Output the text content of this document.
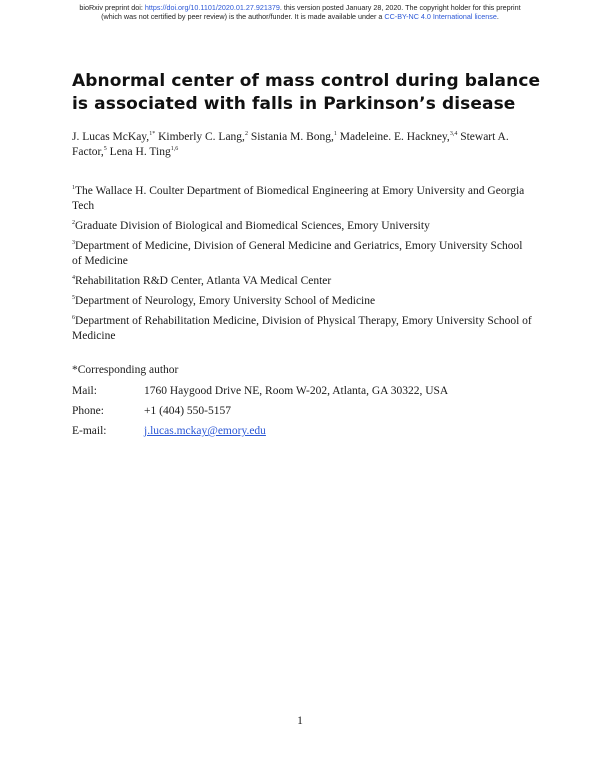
bioRxiv preprint doi: https://doi.org/10.1101/2020.01.27.921379. this version posted January 28, 2020. The copyright holder for this preprint
(which was not certified by peer review) is the author/funder. It is made available under a CC-BY-NC 4.0 International license.
Abnormal center of mass control during balance is associated with falls in Parkinson’s disease
J. Lucas McKay,$^{1*}$ Kimberly C. Lang,$^2$ Sistania M. Bong,$^1$ Madeleine. E. Hackney,$^{3,4}$ Stewart A. Factor,$^5$ Lena H. Ting$^{1,6}$
$^1$The Wallace H. Coulter Department of Biomedical Engineering at Emory University and Georgia Tech
$^2$Graduate Division of Biological and Biomedical Sciences, Emory University
$^3$Department of Medicine, Division of General Medicine and Geriatrics, Emory University School of Medicine
$^4$Rehabilitation R&D Center, Atlanta VA Medical Center
$^5$Department of Neurology, Emory University School of Medicine
$^6$Department of Rehabilitation Medicine, Division of Physical Therapy, Emory University School of Medicine
*Corresponding author
Mail:	1760 Haygood Drive NE, Room W-202, Atlanta, GA 30322, USA
Phone:	+1 (404) 550-5157
E-mail:	j.lucas.mckay@emory.edu
1
